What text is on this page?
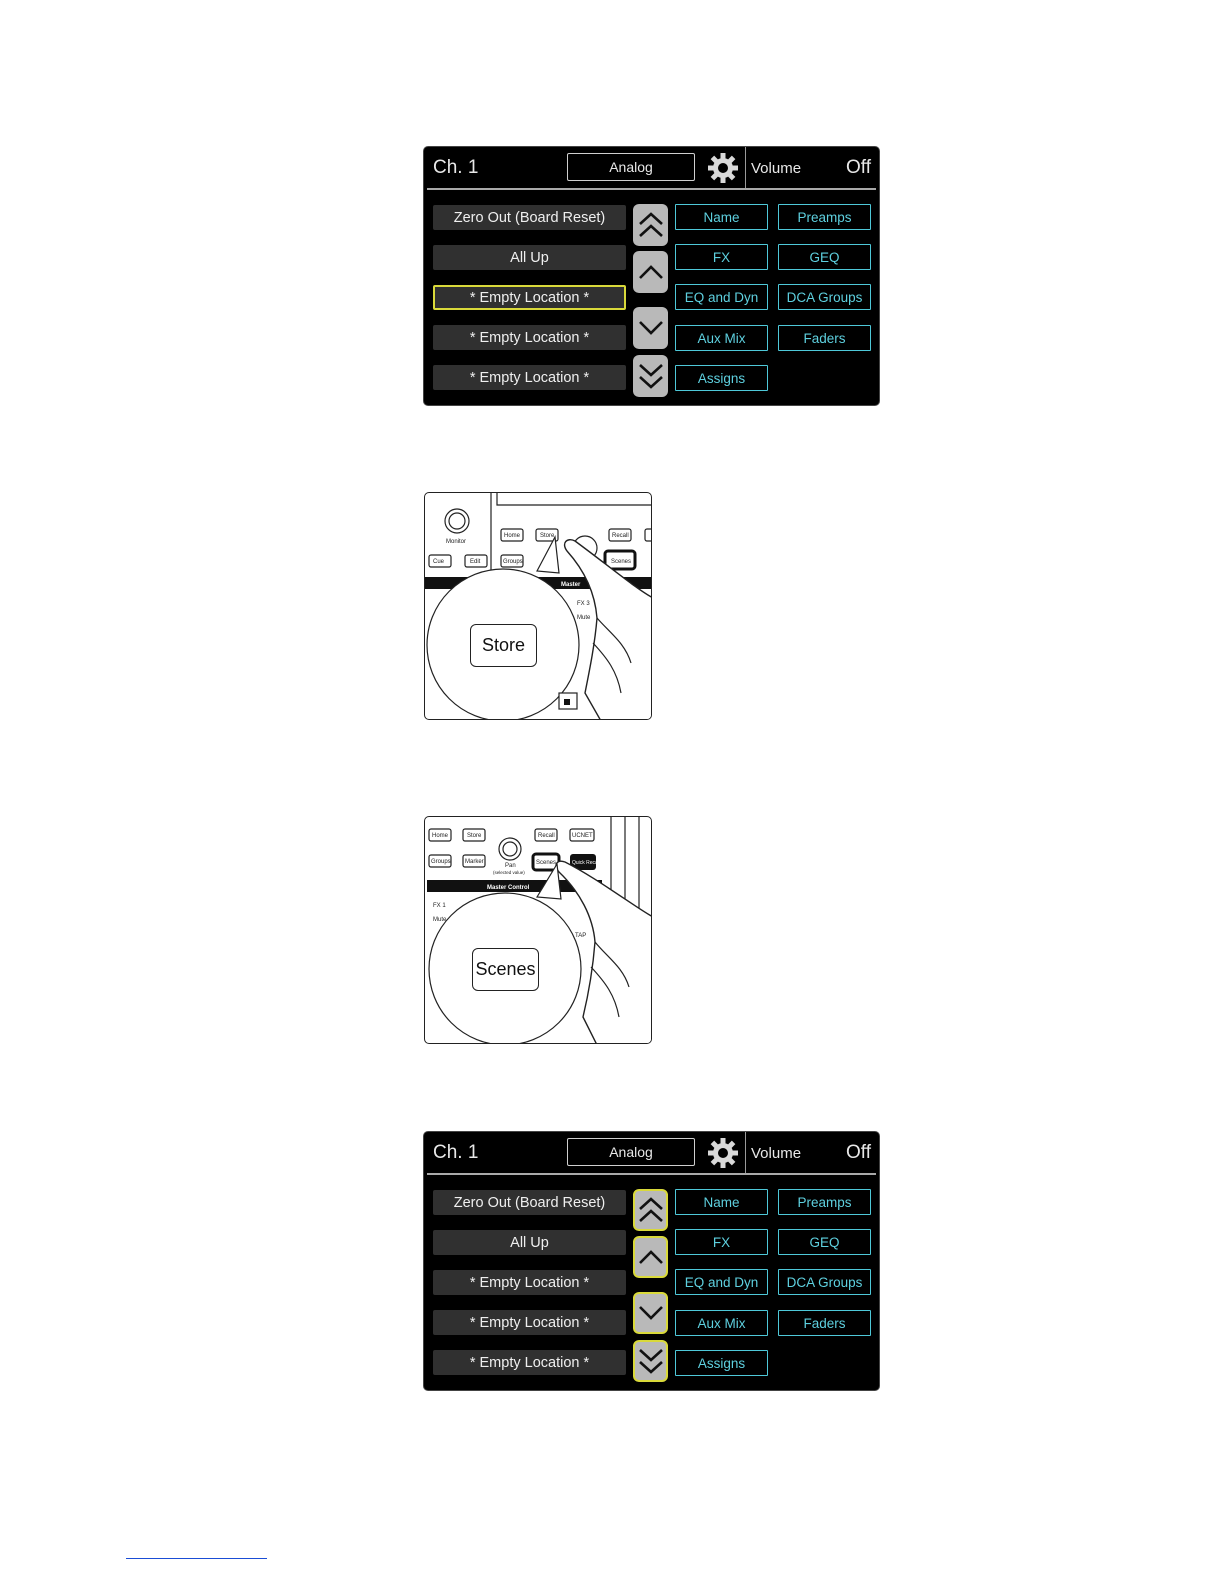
Ch. 1	Analog	Volume Off
Zero Out (Board Reset)
All Up
* Empty Location *
* Empty Location *
* Empty Location *
Name	Preamps
FX	GEQ
EQ and Dyn	DCA Groups
Aux Mix	Faders
Assigns
Monitor
Home	Store	Recall
Cue	Edit	Groups	Scenes
Master
FX 3
Mute
Store
Home	Store	Recall	UCNET
Groups Marker
Pan
(selected value)
Scenes	Quick Recall
Master Control
FX 1
Mute
TAP
Scenes
Ch. 1	Analog	Volume Off
Zero Out (Board Reset)
All Up
* Empty Location *
* Empty Location *
* Empty Location *
Name	Preamps
FX	GEQ
EQ and Dyn	DCA Groups
Aux Mix	Faders
Assigns
